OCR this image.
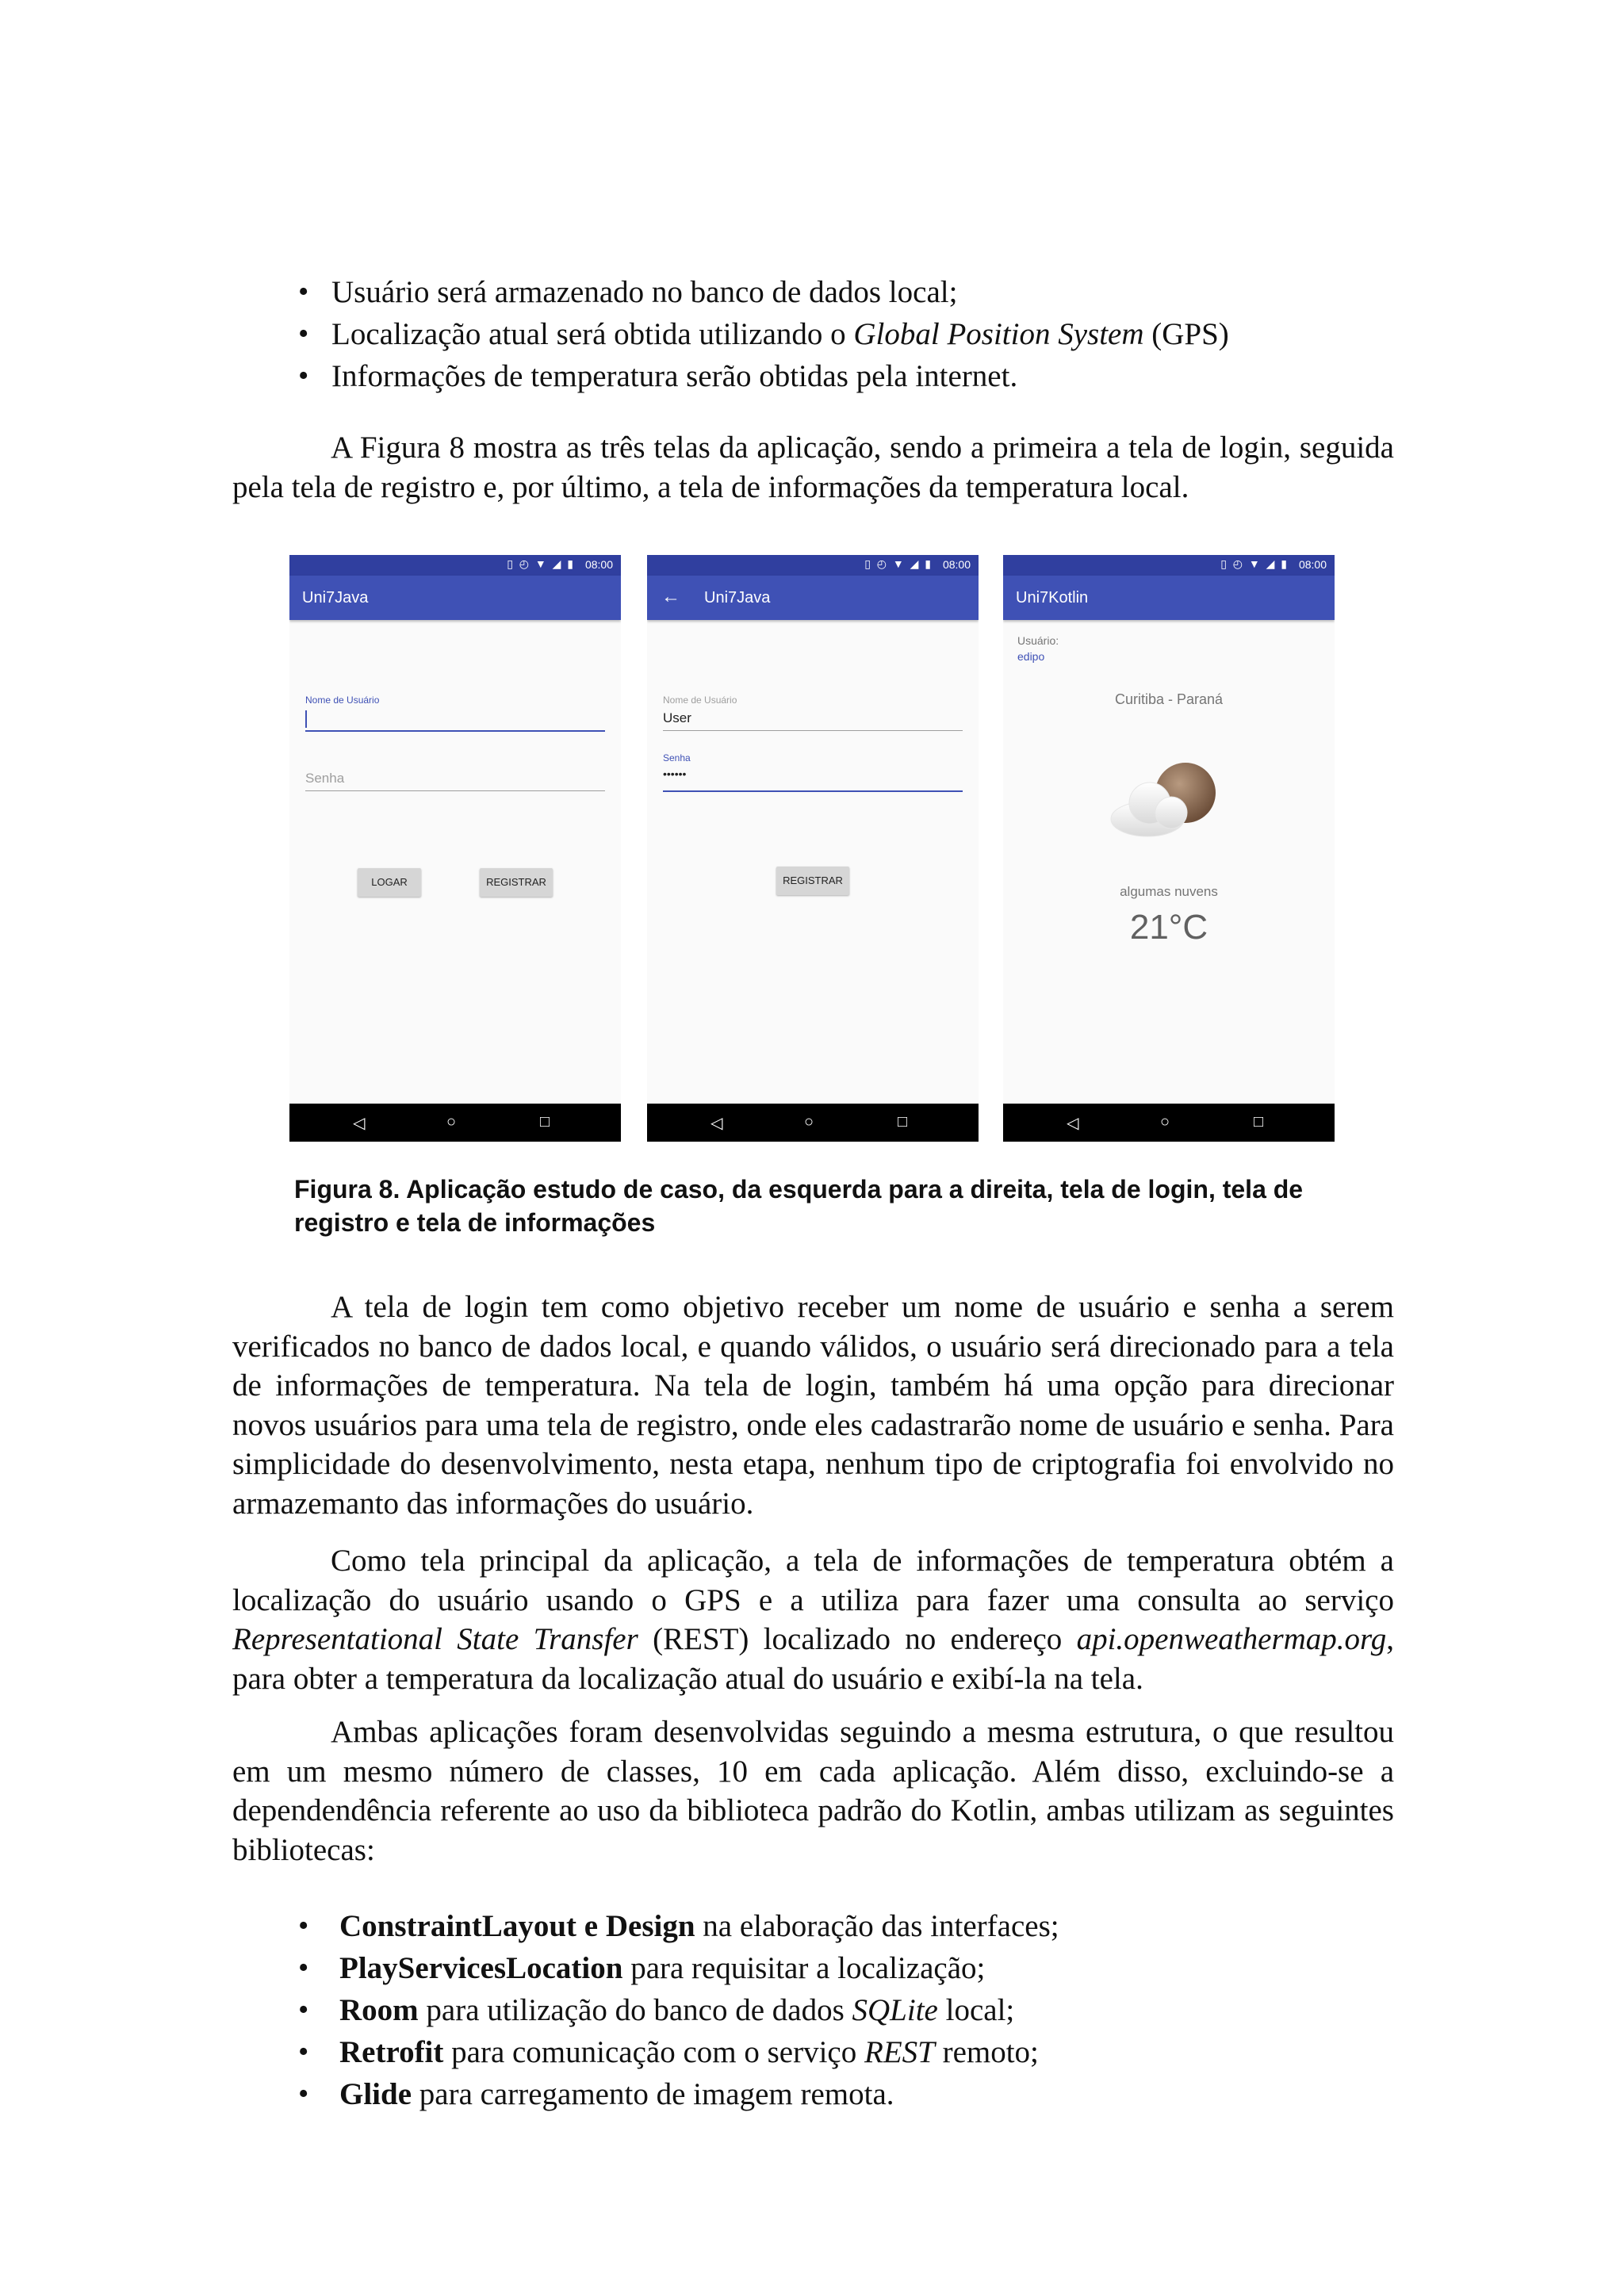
• Usuário será armazenado no banco de dados local;
• Localização atual será obtida utilizando o Global Position System (GPS)
• Informações de temperatura serão obtidas pela internet.

A Figura 8 mostra as três telas da aplicação, sendo a primeira a tela de login, seguida pela tela de registro e, por último, a tela de informações da temperatura local.

▯ ◴ ▼ ◢ ▮ 08:00
Uni7Java
Nome de Usuário
Senha
LOGAR	REGISTRAR
◁	○	□
▯ ◴ ▼ ◢ ▮ 08:00
← Uni7Java
Nome de Usuário
User
Senha
••••••
REGISTRAR
◁	○	□
▯ ◴ ▼ ◢ ▮ 08:00
Uni7Kotlin
Usuário:
edipo
Curitiba - Paraná
algumas nuvens
21°C
◁	○	□

Figura 8. Aplicação estudo de caso, da esquerda para a direita, tela de login, tela de registro e tela de informações

A tela de login tem como objetivo receber um nome de usuário e senha a serem verificados no banco de dados local, e quando válidos, o usuário será direcionado para a tela de informações de temperatura. Na tela de login, também há uma opção para direcionar novos usuários para uma tela de registro, onde eles cadastrarão nome de usuário e senha. Para simplicidade do desenvolvimento, nesta etapa, nenhum tipo de criptografia foi envolvido no armazemanto das informações do usuário.

Como tela principal da aplicação, a tela de informações de temperatura obtém a localização do usuário usando o GPS e a utiliza para fazer uma consulta ao serviço Representational State Transfer (REST) localizado no endereço api.openweathermap.org, para obter a temperatura da localização atual do usuário e exibí-la na tela.

Ambas aplicações foram desenvolvidas seguindo a mesma estrutura, o que resultou em um mesmo número de classes, 10 em cada aplicação. Além disso, excluindo-se a dependendência referente ao uso da biblioteca padrão do Kotlin, ambas utilizam as seguintes bibliotecas:

• ConstraintLayout e Design na elaboração das interfaces;
• PlayServicesLocation para requisitar a localização;
• Room para utilização do banco de dados SQLite local;
• Retrofit para comunicação com o serviço REST remoto;
• Glide para carregamento de imagem remota.
